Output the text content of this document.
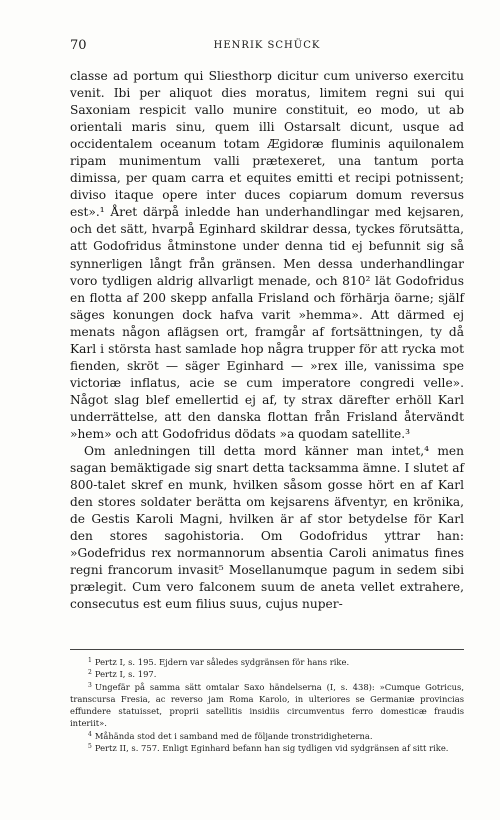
70	HENRIK SCHÜCK

classe ad portum qui Sliesthorp dicitur cum universo exercitu venit. Ibi per aliquot dies moratus, limitem regni sui qui Saxoniam respicit vallo munire constituit, eo modo, ut ab orientali maris sinu, quem illi Ostarsalt dicunt, usque ad occidentalem oceanum totam Ægidoræ fluminis aquilonalem ripam munimentum valli prætexeret, una tantum porta dimissa, per quam carra et equites emitti et recipi potnissent; diviso itaque opere inter duces copiarum domum reversus est».¹ Året därpå inledde han underhandlingar med kejsaren, och det sätt, hvarpå Eginhard skildrar dessa, tyckes förutsätta, att Godofridus åtminstone under denna tid ej befunnit sig så synnerligen långt från gränsen. Men dessa underhandlingar voro tydligen aldrig allvarligt menade, och 810² lät Godofridus en flotta af 200 skepp anfalla Frisland och förhärja öarne; själf säges konungen dock hafva varit »hemma». Att därmed ej menats någon aflägsen ort, framgår af fortsättningen, ty då Karl i största hast samlade hop några trupper för att rycka mot fienden, skröt — säger Eginhard — »rex ille, vanissima spe victoriæ inflatus, acie se cum imperatore congredi velle». Något slag blef emellertid ej af, ty strax därefter erhöll Karl underrättelse, att den danska flottan från Frisland återvändt »hem» och att Godofridus dödats »a quodam satellite.³

Om anledningen till detta mord känner man intet,⁴ men sagan bemäktigade sig snart detta tacksamma ämne. I slutet af 800-talet skref en munk, hvilken såsom gosse hört en af Karl den stores soldater berätta om kejsarens äfventyr, en krönika, de Gestis Karoli Magni, hvilken är af stor betydelse för Karl den stores sagohistoria. Om Godofridus yttrar han: »Godefridus rex normannorum absentia Caroli animatus fines regni francorum invasit⁵ Mosellanumque pagum in sedem sibi prælegit. Cum vero falconem suum de aneta vellet extrahere, consecutus est eum filius suus, cujus nuper-

$^1$ Pertz I, s. 195. Ejdern var således sydgränsen för hans rike.

$^2$ Pertz I, s. 197.

$^3$ Ungefär på samma sätt omtalar Saxo händelserna (I, s. 438): »Cumque Gotricus, transcursa Fresia, ac reverso jam Roma Karolo, in ulteriores se Germaniæ provincias effundere statuisset, proprii satellitis insidiis circumventus ferro domesticæ fraudis interiit».

$^4$ Måhända stod det i samband med de följande tronstridigheterna.

$^5$ Pertz II, s. 757. Enligt Eginhard befann han sig tydligen vid sydgränsen af sitt rike.
